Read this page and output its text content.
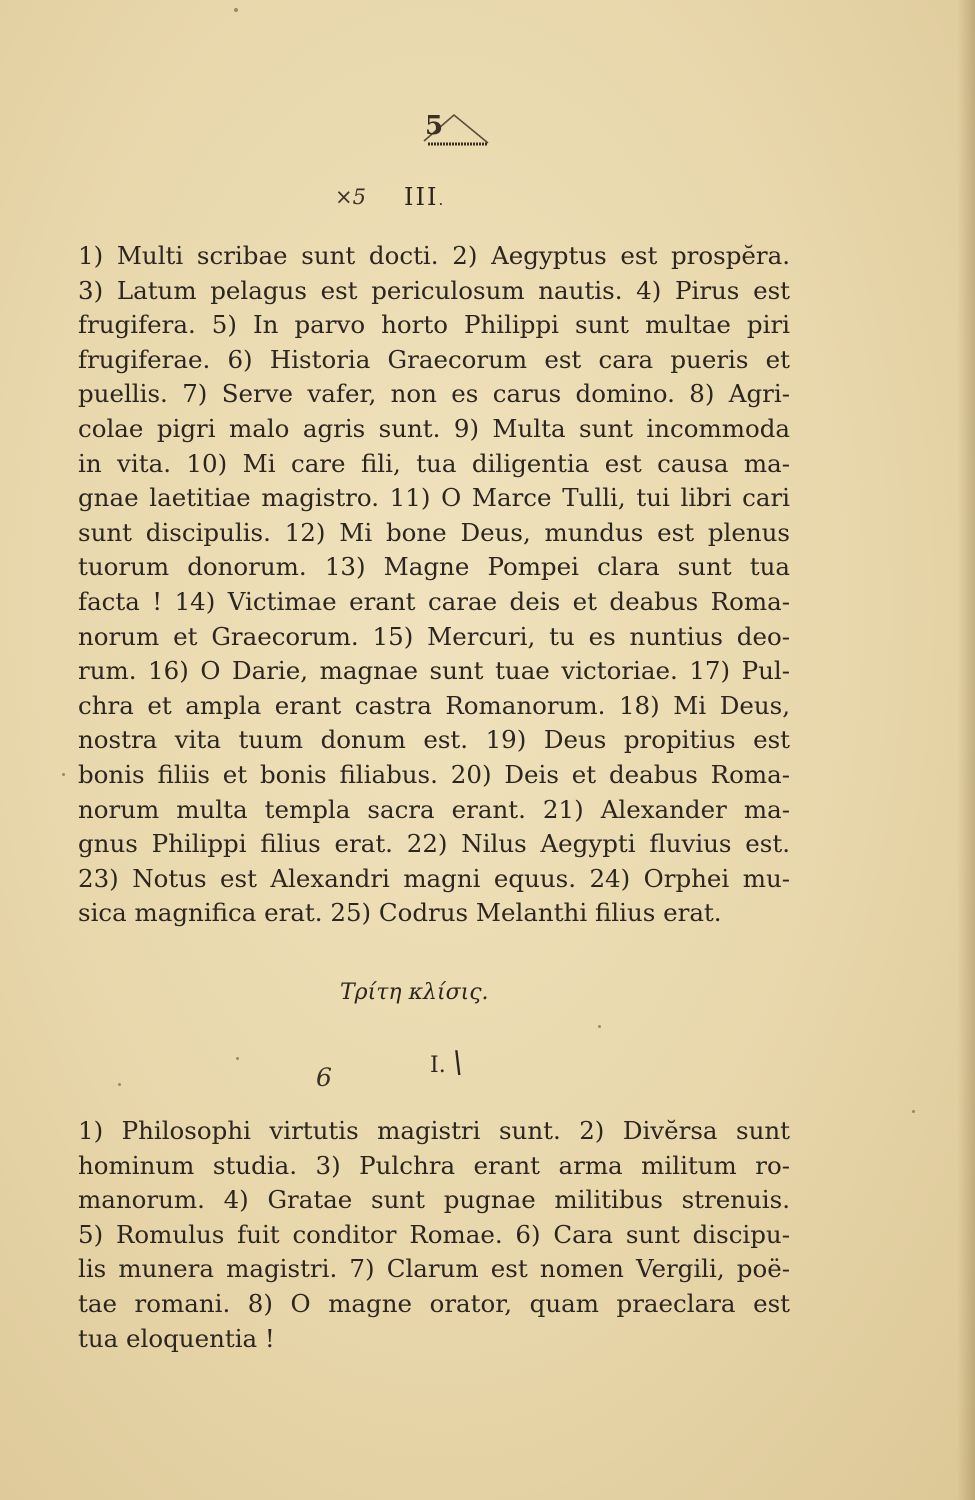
5
×5 III.
1) Multi scribae sunt docti. 2) Aegyptus est prospĕra.
3) Latum pelagus est periculosum nautis. 4) Pirus est
frugifera. 5) In parvo horto Philippi sunt multae piri
frugiferae. 6) Historia Graecorum est cara pueris et
puellis. 7) Serve vafer, non es carus domino. 8) Agri-
colae pigri malo agris sunt. 9) Multa sunt incommoda
in vita. 10) Mi care fili, tua diligentia est causa ma-
gnae laetitiae magistro. 11) O Marce Tulli, tui libri cari
sunt discipulis. 12) Mi bone Deus, mundus est plenus
tuorum donorum. 13) Magne Pompei clara sunt tua
facta ! 14) Victimae erant carae deis et deabus Roma-
norum et Graecorum. 15) Mercuri, tu es nuntius deo-
rum. 16) O Darie, magnae sunt tuae victoriae. 17) Pul-
chra et ampla erant castra Romanorum. 18) Mi Deus,
nostra vita tuum donum est. 19) Deus propitius est
bonis filiis et bonis filiabus. 20) Deis et deabus Roma-
norum multa templa sacra erant. 21) Alexander ma-
gnus Philippi filius erat. 22) Nilus Aegypti fluvius est.
23) Notus est Alexandri magni equus. 24) Orphei mu-
sica magnifica erat. 25) Codrus Melanthi filius erat.
Τρίτη κλίσις.
6	I. \
1) Philosophi virtutis magistri sunt. 2) Divĕrsa sunt
hominum studia. 3) Pulchra erant arma militum ro-
manorum. 4) Gratae sunt pugnae militibus strenuis.
5) Romulus fuit conditor Romae. 6) Cara sunt discipu-
lis munera magistri. 7) Clarum est nomen Vergili, poë-
tae romani. 8) O magne orator, quam praeclara est
tua eloquentia !
